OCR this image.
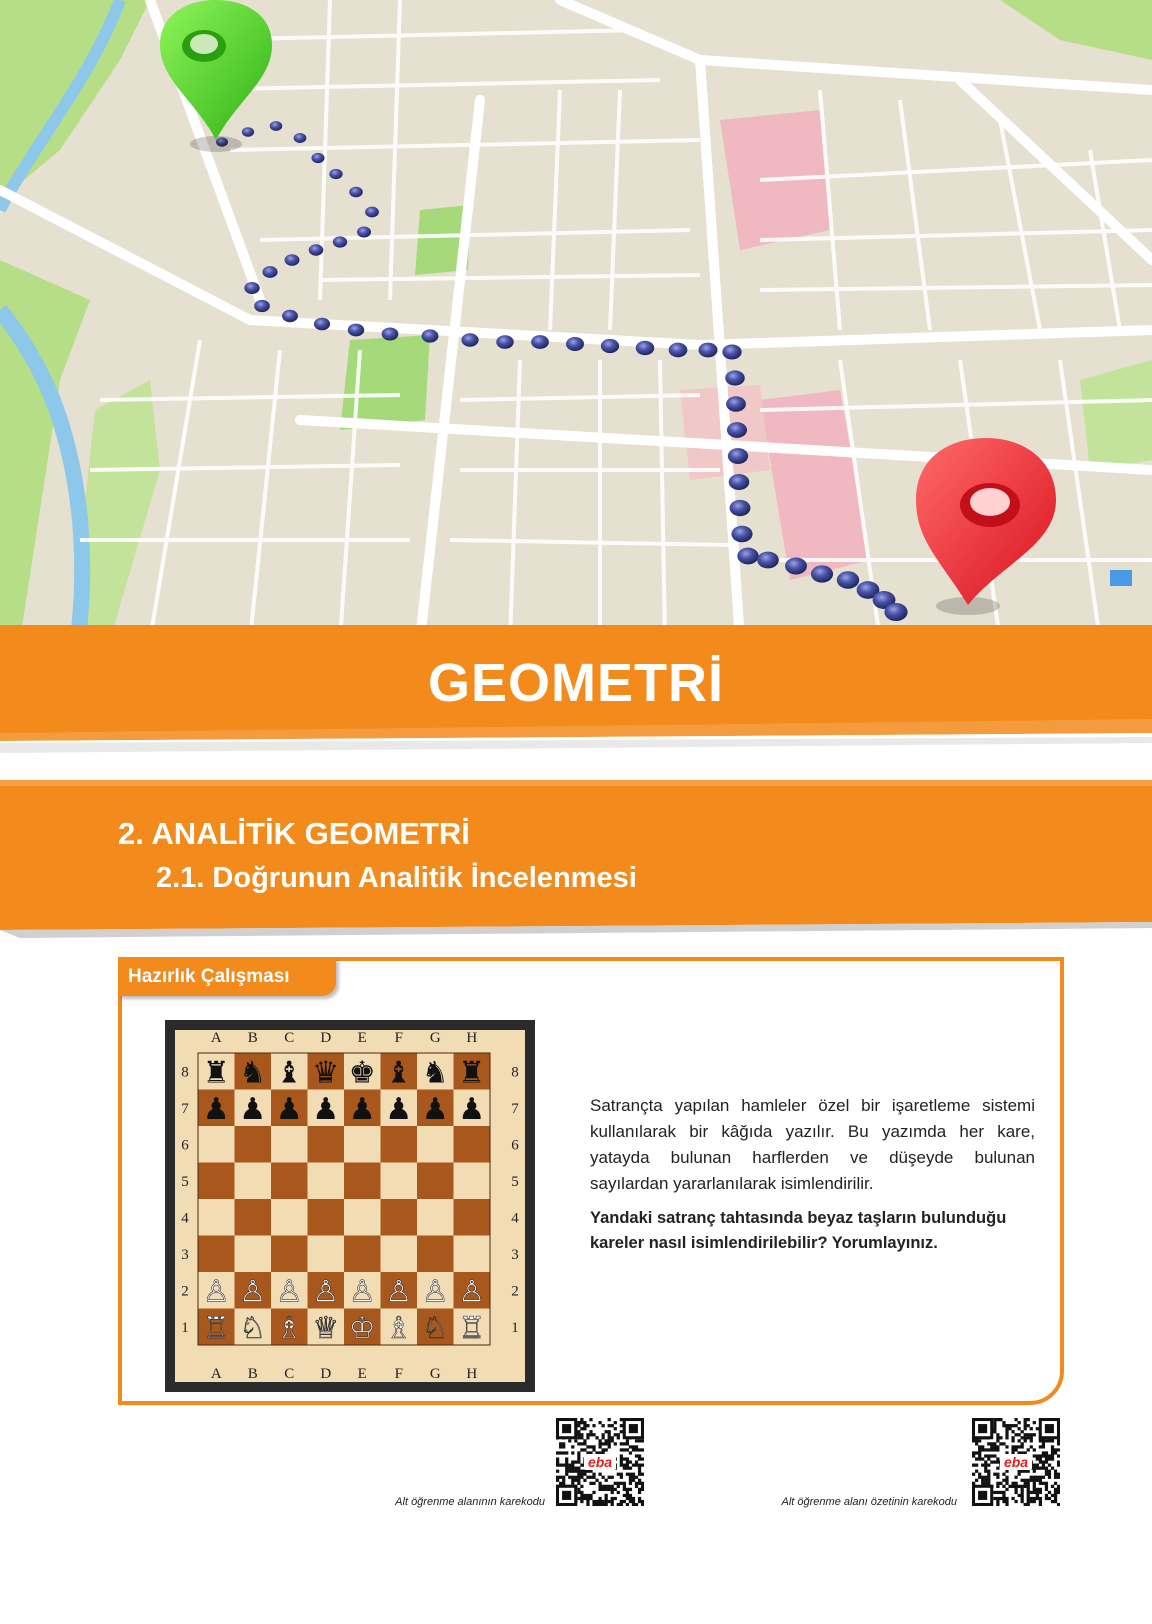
GEOMETRİ
2. ANALİTİK GEOMETRİ
2.1. Doğrunun Analitik İncelenmesi
Hazırlık Çalışması
A
A
B
B
C
C
D
D
E
E
F
F
G
G
H
H
8	8
7	7
6	6
5	5
4	4
3	3
2	2
1	1
♖ ♘ ♗ ♕ ♔ ♗ ♘ ♖
♙ ♙ ♙ ♙ ♙ ♙ ♙ ♙
♟ ♟ ♟ ♟ ♟ ♟ ♟ ♟
♜ ♞ ♝ ♛ ♚ ♝ ♞ ♜
Satrançta yapılan hamleler özel bir işaretleme sistemi kullanılarak bir kâğıda yazılır. Bu yazımda her kare, yatayda bulunan harflerden ve düşeyde bulunan sayılardan yararlanılarak isimlendirilir.
Yandaki satranç tahtasında beyaz taşların bulunduğu kareler nasıl isimlendirilebilir? Yorumlayınız.
Alt öğrenme alanının karekodu
eba
Alt öğrenme alanı özetinin karekodu
eba
